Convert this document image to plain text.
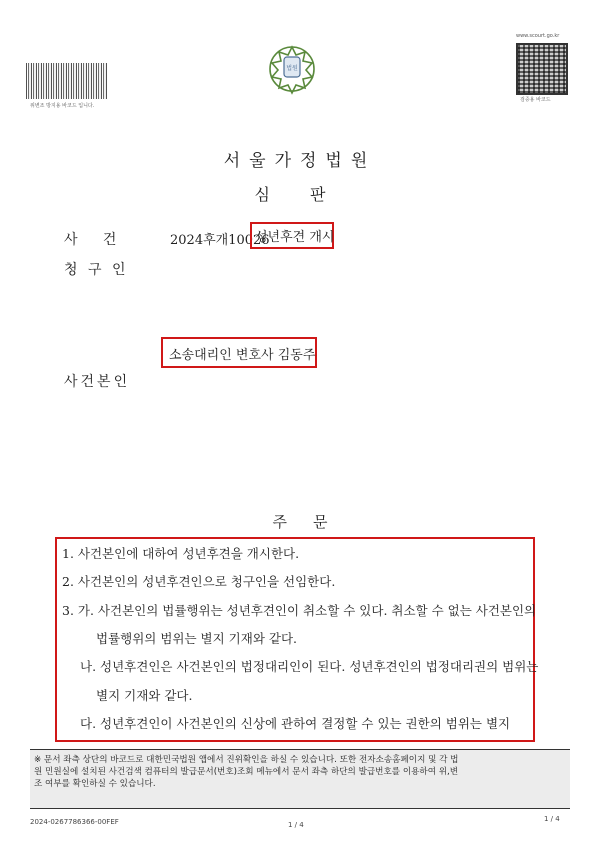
위변조 방지용 바코드 입니다.
법원
www.scourt.go.kr
검증용 바코드
서울가정법원
심판
사   건	2024후개10026
성년후견 개시
청 구 인
소송대리인 변호사 김동주
사건본인
주문
1. 사건본인에 대하여 성년후견을 개시한다.
2. 사건본인의 성년후견인으로 청구인을 선임한다.
3. 가. 사건본인의 법률행위는 성년후견인이 취소할 수 있다. 취소할 수 없는 사건본인의
법률행위의 범위는 별지 기재와 같다.
나. 성년후견인은 사건본인의 법정대리인이 된다. 성년후견인의 법정대리권의 범위는
별지 기재와 같다.
다. 성년후견인이 사건본인의 신상에 관하여 결정할 수 있는 권한의 범위는 별지
※ 문서 좌측 상단의 바코드로 대한민국법원 앱에서 진위확인을 하실 수 있습니다. 또한 전자소송홈페이지 및 각 법
원 민원실에 설치된 사건검색 컴퓨터의 발급문서(번호)조회 메뉴에서 문서 좌측 하단의 발급번호를 이용하여 위,변
조 여부를 확인하실 수 있습니다.
2024-0267786366-00FEF	1 / 4
1 / 4
